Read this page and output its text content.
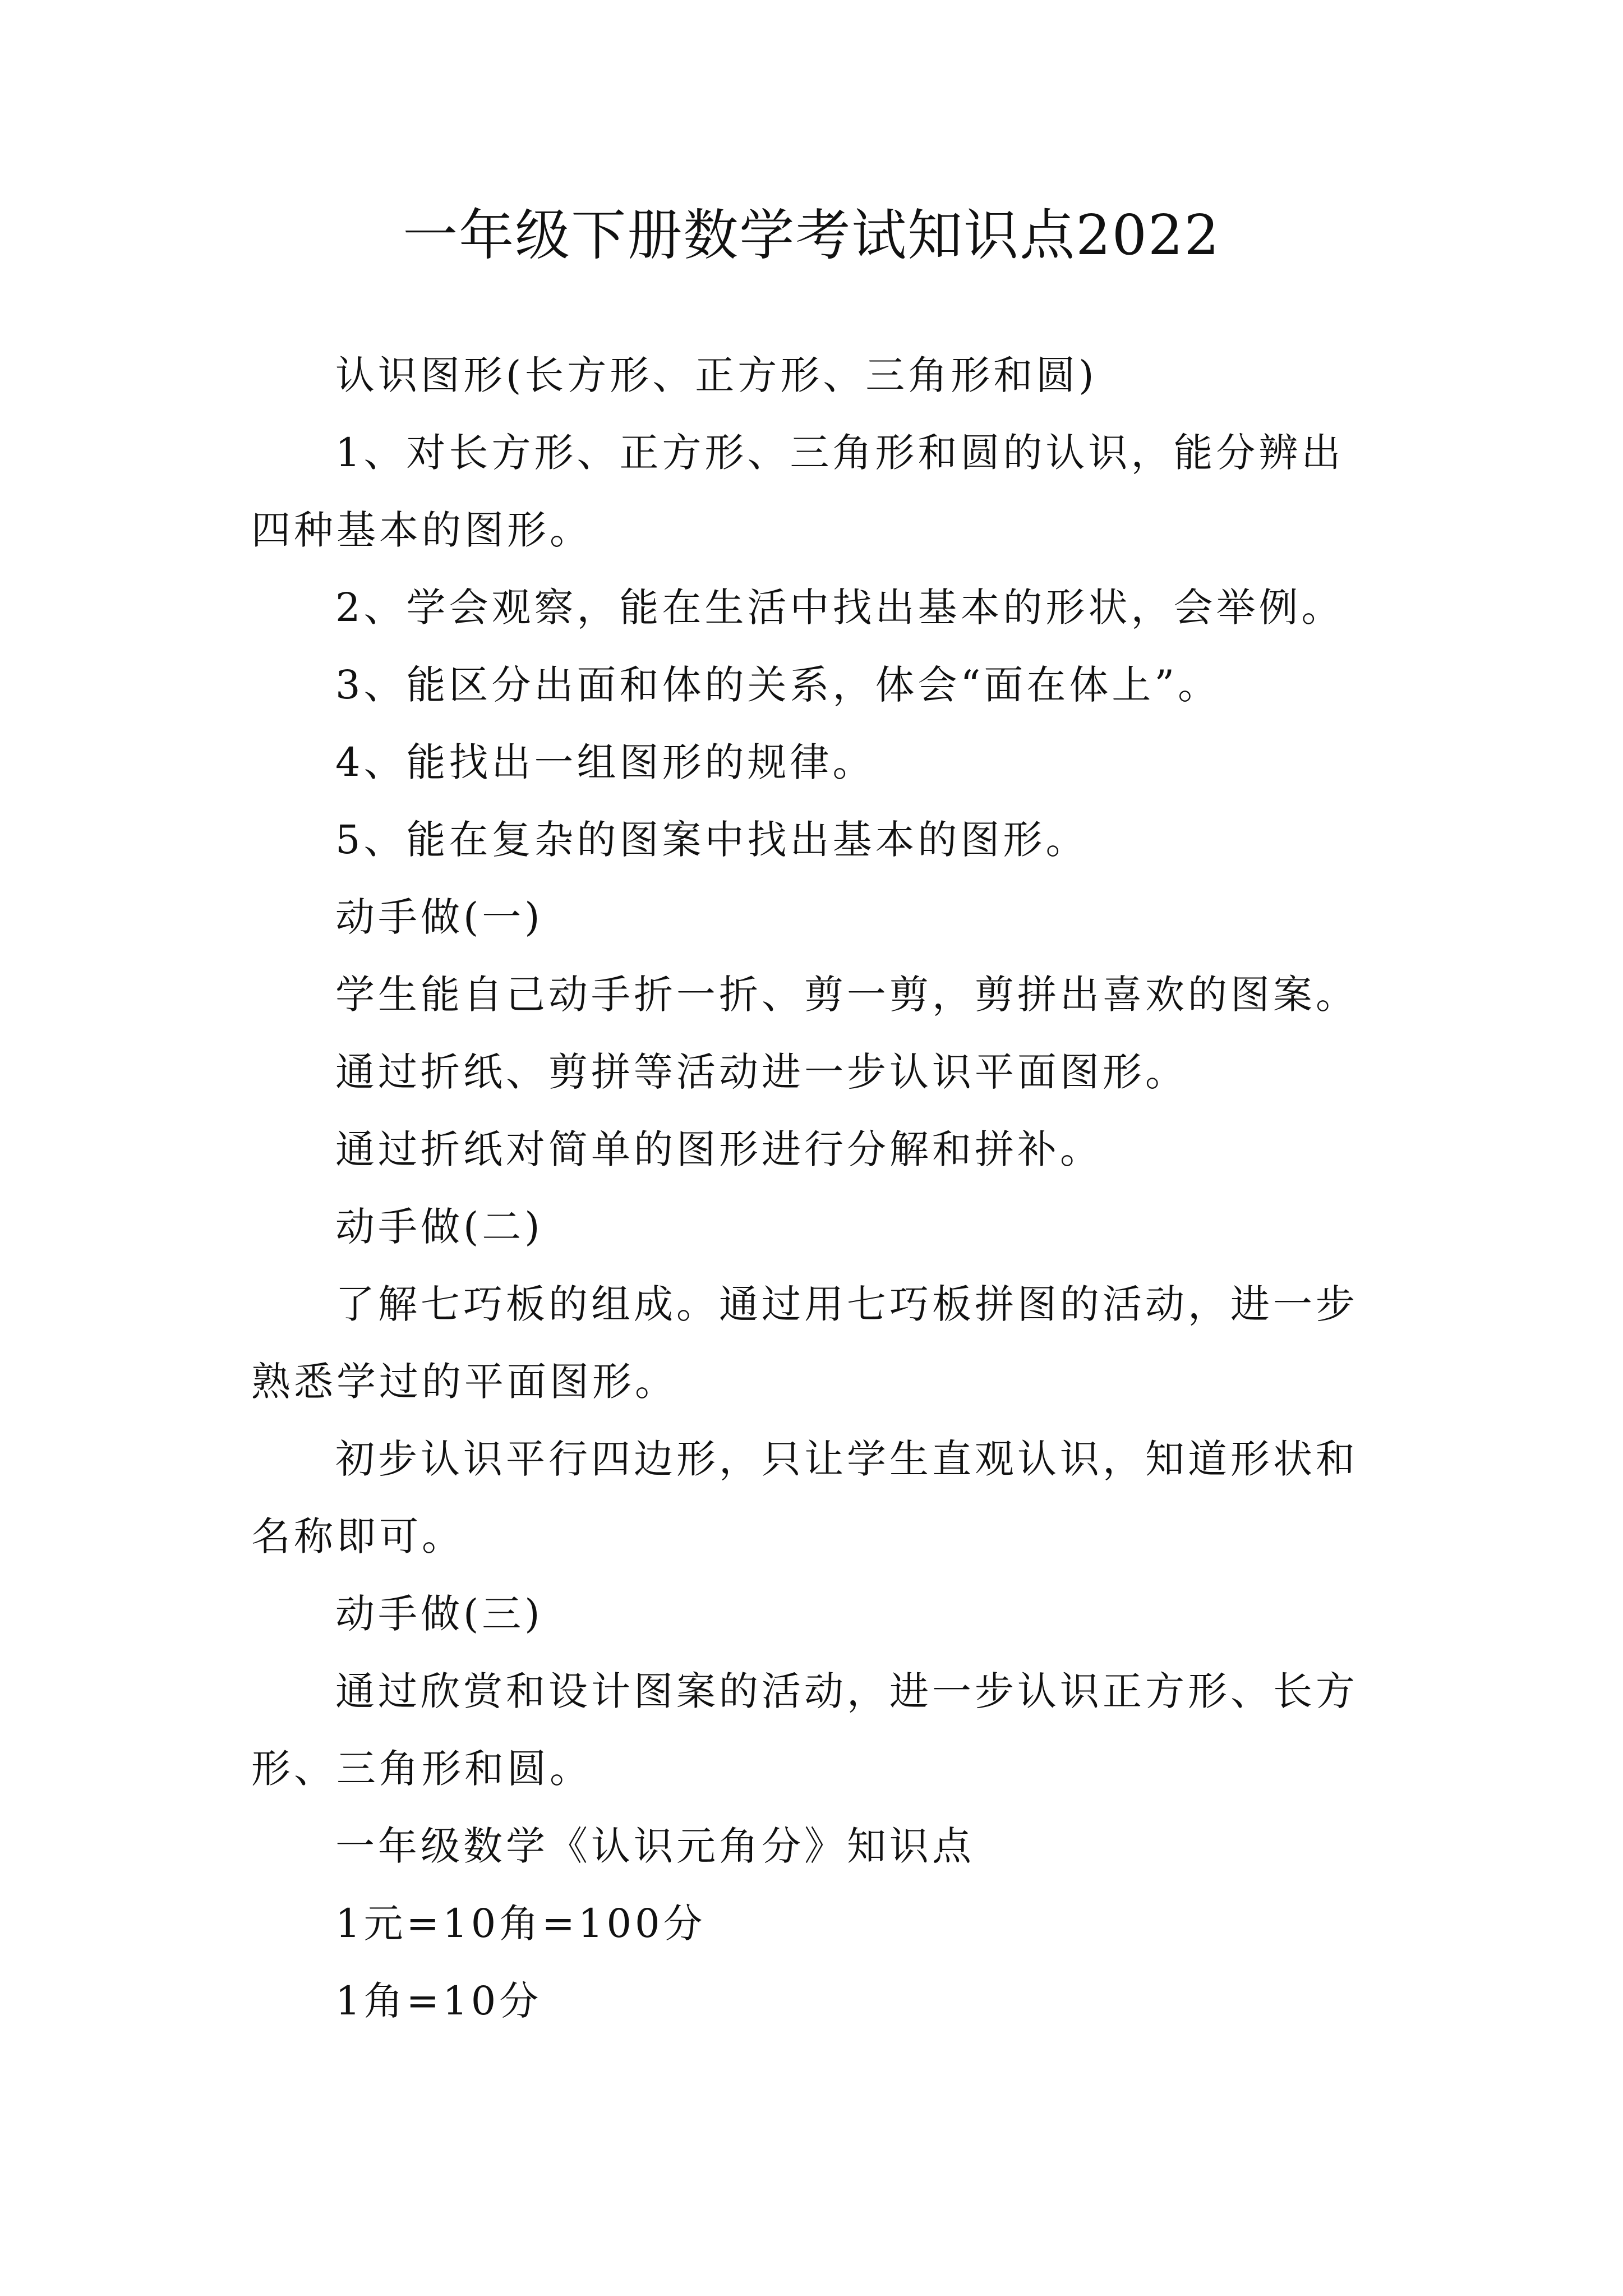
一年级下册数学考试知识点2022

认识图形(长方形、正方形、三角形和圆)

1、对长方形、正方形、三角形和圆的认识，能分辨出四种基本的图形。

2、学会观察，能在生活中找出基本的形状，会举例。

3、能区分出面和体的关系，体会“面在体上”。

4、能找出一组图形的规律。

5、能在复杂的图案中找出基本的图形。

动手做(一)

学生能自己动手折一折、剪一剪，剪拼出喜欢的图案。

通过折纸、剪拼等活动进一步认识平面图形。

通过折纸对简单的图形进行分解和拼补。

动手做(二)

了解七巧板的组成。通过用七巧板拼图的活动，进一步熟悉学过的平面图形。

初步认识平行四边形，只让学生直观认识，知道形状和名称即可。

动手做(三)

通过欣赏和设计图案的活动，进一步认识正方形、长方形、三角形和圆。

一年级数学《认识元角分》知识点

1元=10角=100分

1角=10分
